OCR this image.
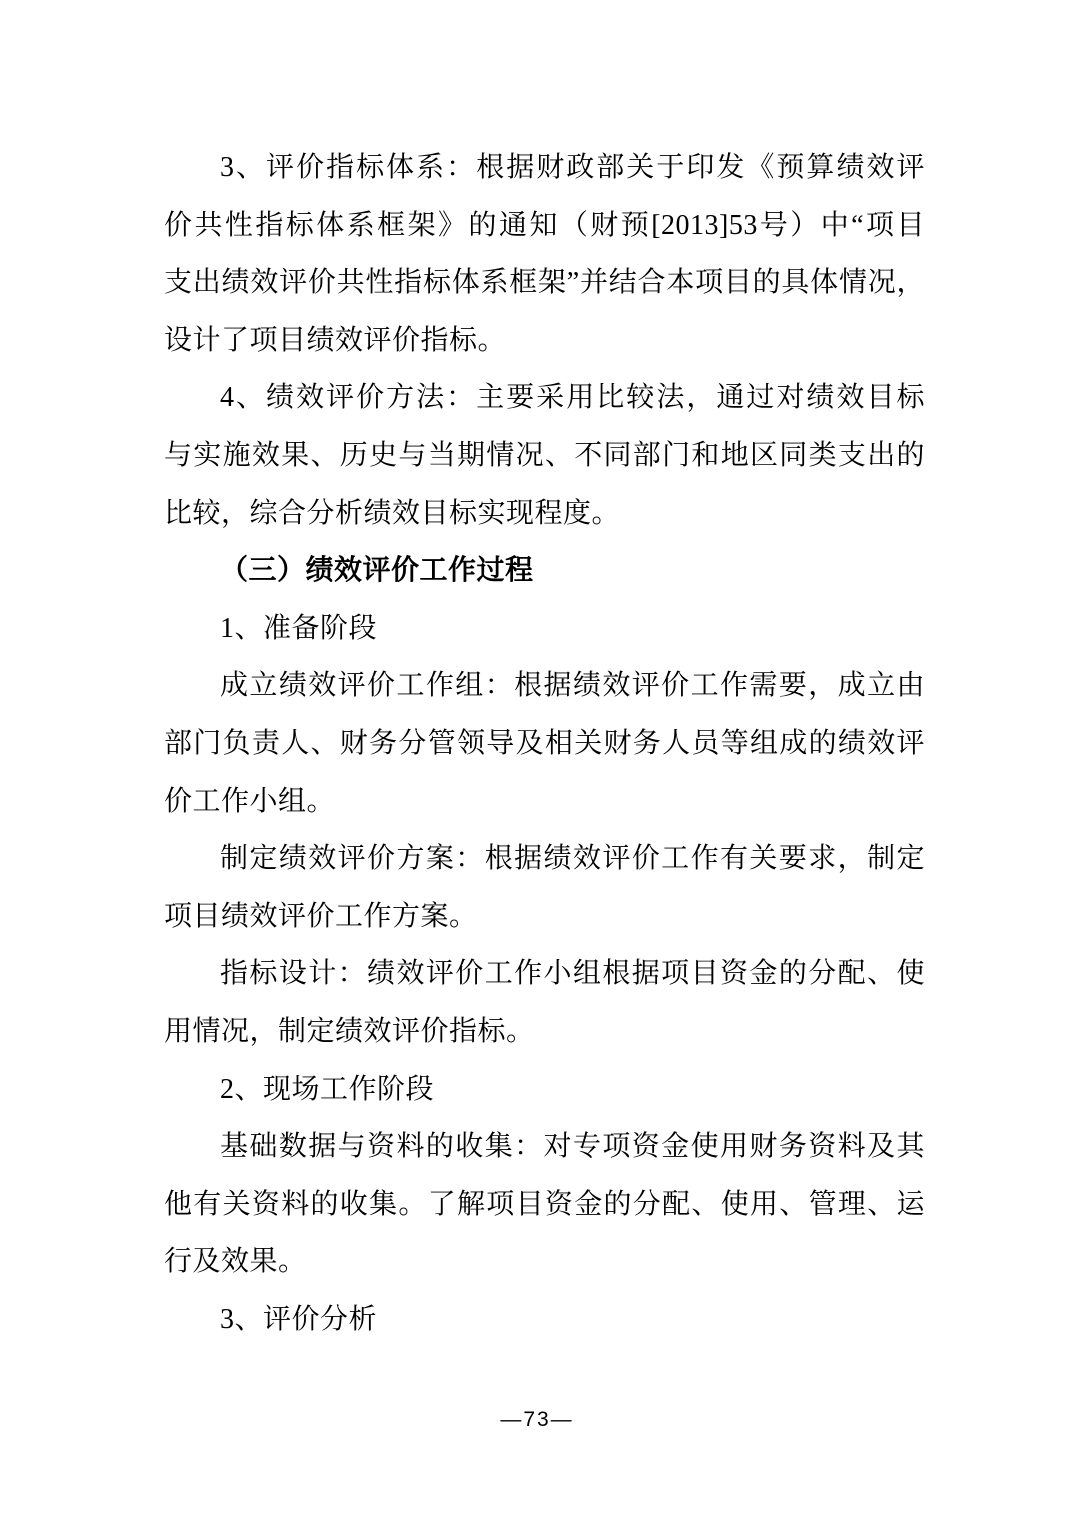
3、评价指标体系：根据财政部关于印发《预算绩效评
价共性指标体系框架》的通知（财预[2013]53号）中“项目
支出绩效评价共性指标体系框架”并结合本项目的具体情况，
设计了项目绩效评价指标。
4、绩效评价方法：主要采用比较法，通过对绩效目标
与实施效果、历史与当期情况、不同部门和地区同类支出的
比较，综合分析绩效目标实现程度。
（三）绩效评价工作过程
1、准备阶段
成立绩效评价工作组：根据绩效评价工作需要，成立由
部门负责人、财务分管领导及相关财务人员等组成的绩效评
价工作小组。
制定绩效评价方案：根据绩效评价工作有关要求，制定
项目绩效评价工作方案。
指标设计：绩效评价工作小组根据项目资金的分配、使
用情况，制定绩效评价指标。
2、现场工作阶段
基础数据与资料的收集：对专项资金使用财务资料及其
他有关资料的收集。了解项目资金的分配、使用、管理、运
行及效果。
3、评价分析
—73—
